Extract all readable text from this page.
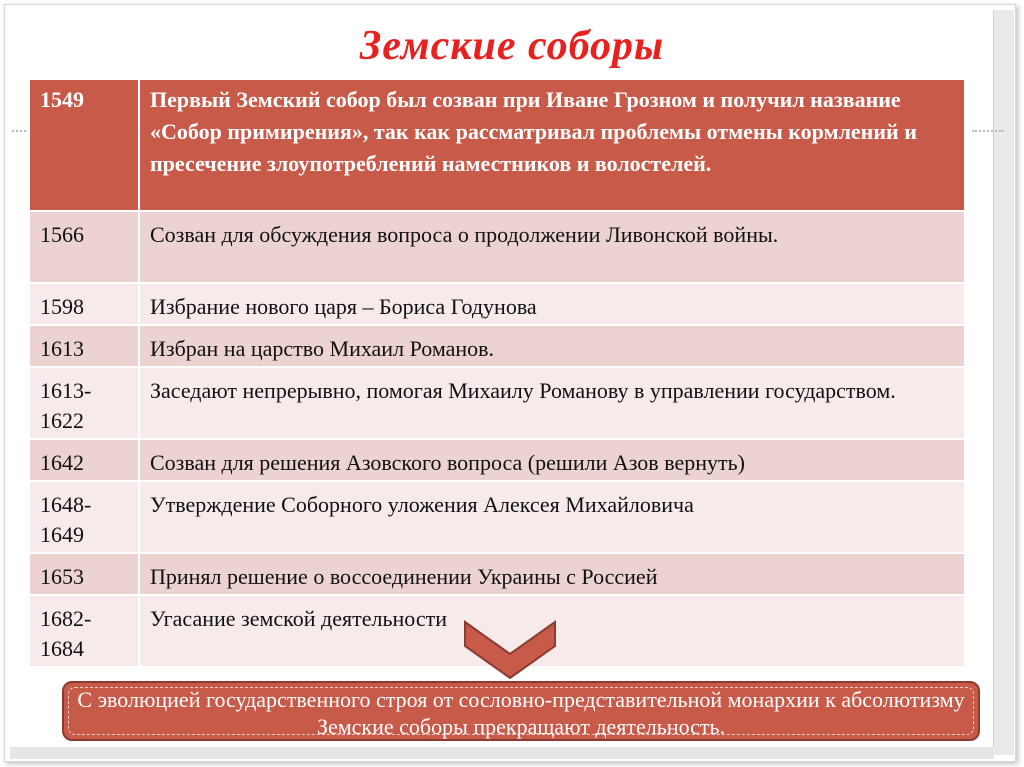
Земские соборы
1549	Первый Земский собор был созван при Иване Грозном и получил название «Собор примирения», так как рассматривал проблемы отмены кормлений и пресечение злоупотреблений наместников и волостелей.
1566	Созван для обсуждения вопроса о продолжении Ливонской войны.
1598	Избрание нового царя – Бориса Годунова
1613	Избран на царство Михаил Романов.
1613-1622	Заседают непрерывно, помогая Михаилу Романову в управлении государством.
1642	Созван для решения Азовского вопроса (решили Азов вернуть)
1648-1649	Утверждение Соборного уложения Алексея Михайловича
1653	Принял решение о воссоединении Украины с Россией
1682-1684	Угасание земской деятельности
С эволюцией государственного строя от сословно-представительной монархии к абсолютизму Земские соборы прекращают деятельность.
